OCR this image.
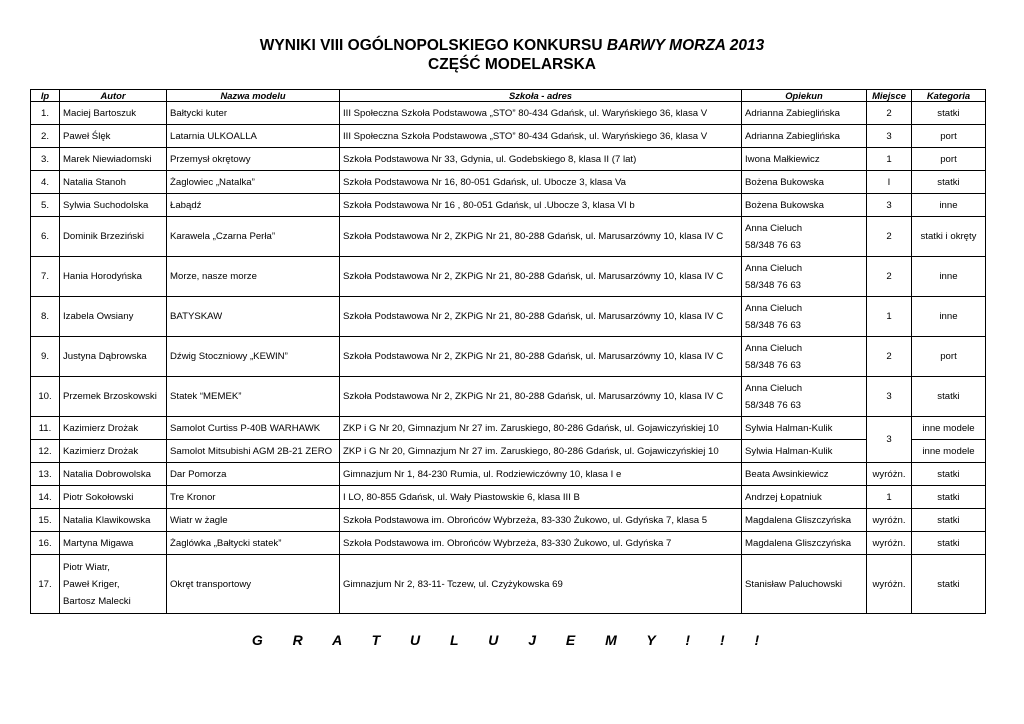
WYNIKI VIII OGÓLNOPOLSKIEGO KONKURSU BARWY MORZA 2013
CZĘŚĆ MODELARSKA
lp	Autor	Nazwa modelu	Szkoła - adres	Opiekun	Miejsce	Kategoria
1.	Maciej Bartoszuk	Bałtycki kuter	III Społeczna Szkoła Podstawowa „STO” 80-434 Gdańsk, ul. Waryńskiego 36, klasa V	Adrianna Zabieglińska	2	statki
2.	Paweł Ślęk	Latarnia ULKOALLA	III Społeczna Szkoła Podstawowa „STO” 80-434 Gdańsk, ul. Waryńskiego 36, klasa V	Adrianna Zabieglińska	3	port
3.	Marek Niewiadomski	Przemysł okrętowy	Szkoła Podstawowa Nr 33, Gdynia, ul. Godebskiego 8, klasa II (7 lat)	Iwona Małkiewicz	1	port
4.	Natalia Stanoh	Żaglowiec „Natalka”	Szkoła Podstawowa Nr 16, 80-051 Gdańsk, ul. Ubocze 3, klasa Va	Bożena Bukowska	I	statki
5.	Sylwia Suchodolska	Łabądź	Szkoła Podstawowa Nr 16 , 80-051 Gdańsk, ul .Ubocze 3, klasa VI b	Bożena Bukowska	3	inne
6.	Dominik Brzeziński	Karawela „Czarna Perła”	Szkoła Podstawowa Nr 2, ZKPiG Nr 21, 80-288 Gdańsk, ul. Marusarzówny 10, klasa IV C	Anna Cieluch
58/348 76 63	2	statki i okręty
7.	Hania Horodyńska	Morze, nasze morze	Szkoła Podstawowa Nr 2, ZKPiG Nr 21, 80-288 Gdańsk, ul. Marusarzówny 10, klasa IV C	Anna Cieluch
58/348 76 63	2	inne
8.	Izabela Owsiany	BATYSKAW	Szkoła Podstawowa Nr 2, ZKPiG Nr 21, 80-288 Gdańsk, ul. Marusarzówny 10, klasa IV C	Anna Cieluch
58/348 76 63	1	inne
9.	Justyna Dąbrowska	Dźwig Stoczniowy „KEWIN”	Szkoła Podstawowa Nr 2, ZKPiG Nr 21, 80-288 Gdańsk, ul. Marusarzówny 10, klasa IV C	Anna Cieluch
58/348 76 63	2	port
10.	Przemek Brzoskowski	Statek “MEMEK”	Szkoła Podstawowa Nr 2, ZKPiG Nr 21, 80-288 Gdańsk, ul. Marusarzówny 10, klasa IV C	Anna Cieluch
58/348 76 63	3	statki
11.	Kazimierz Drożak	Samolot Curtiss P-40B WARHAWK	ZKP i G Nr 20, Gimnazjum Nr 27 im. Zaruskiego, 80-286 Gdańsk, ul. Gojawiczyńskiej 10	Sylwia Halman-Kulik	3	inne modele
12.	Kazimierz Drożak	Samolot Mitsubishi AGM 2B-21 ZERO	ZKP i G Nr 20, Gimnazjum Nr 27 im. Zaruskiego, 80-286 Gdańsk, ul. Gojawiczyńskiej 10	Sylwia Halman-Kulik		inne modele
13.	Natalia Dobrowolska	Dar Pomorza	Gimnazjum Nr 1, 84-230 Rumia, ul. Rodziewiczówny 10, klasa I e	Beata Awsinkiewicz	wyróżn.	statki
14.	Piotr Sokołowski	Tre Kronor	I LO, 80-855 Gdańsk, ul. Wały Piastowskie 6, klasa III B	Andrzej Łopatniuk	1	statki
15.	Natalia Klawikowska	Wiatr w żagle	Szkoła Podstawowa im. Obrońców Wybrzeża, 83-330 Żukowo, ul. Gdyńska 7, klasa 5	Magdalena Gliszczyńska	wyróżn.	statki
16.	Martyna Migawa	Żaglówka „Bałtycki statek”	Szkoła Podstawowa im. Obrońców Wybrzeża, 83-330 Żukowo, ul. Gdyńska 7	Magdalena Gliszczyńska	wyróżn.	statki
17.	Piotr Wiatr,
Paweł Kriger,
Bartosz Malecki	Okręt transportowy	Gimnazjum Nr 2, 83-11- Tczew, ul. Czyżykowska 69	Stanisław Paluchowski	wyróżn.	statki
G R A T U L U J E M Y ! ! !
